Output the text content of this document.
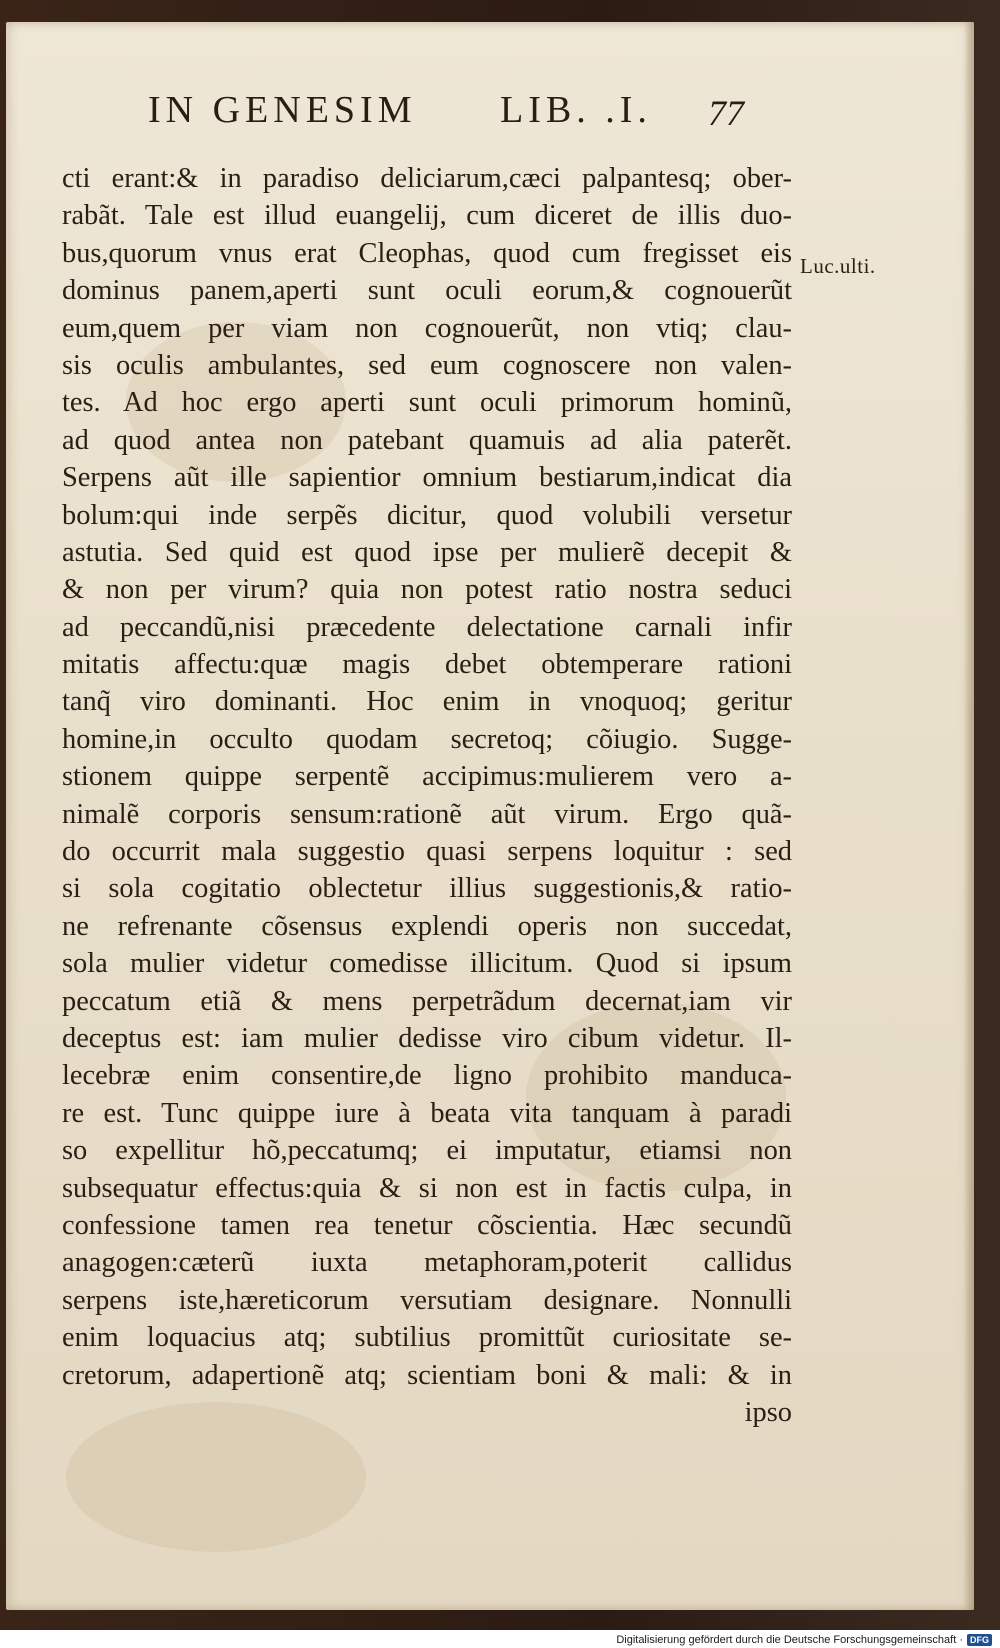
IN GENESIM LIB. .I. 77
Luc.ulti.
cti erant:& in paradiso deliciarum,cæci palpantesq; ober-
rabãt. Tale est illud euangelij, cum diceret de illis duo-
bus,quorum vnus erat Cleophas, quod cum fregisset eis
dominus panem,aperti sunt oculi eorum,& cognouerũt
eum,quem per viam non cognouerũt, non vtiq; clau-
sis oculis ambulantes, sed eum cognoscere non valen-
tes. Ad hoc ergo aperti sunt oculi primorum hominũ,
ad quod antea non patebant quamuis ad alia paterẽt.
Serpens aũt ille sapientior omnium bestiarum,indicat dia
bolum:qui inde serpẽs dicitur, quod volubili versetur
astutia. Sed quid est quod ipse per mulierẽ decepit &
& non per virum? quia non potest ratio nostra seduci
ad peccandũ,nisi præcedente delectatione carnali infir
mitatis affectu:quæ magis debet obtemperare rationi
tanq̃ viro dominanti. Hoc enim in vnoquoq; geritur
homine,in occulto quodam secretoq; cõiugio. Sugge-
stionem quippe serpentẽ accipimus:mulierem vero a-
nimalẽ corporis sensum:rationẽ aũt virum. Ergo quã-
do occurrit mala suggestio quasi serpens loquitur : sed
si sola cogitatio oblectetur illius suggestionis,& ratio-
ne refrenante cõsensus explendi operis non succedat,
sola mulier videtur comedisse illicitum. Quod si ipsum
peccatum etiã & mens perpetrãdum decernat,iam vir
deceptus est: iam mulier dedisse viro cibum videtur. Il-
lecebræ enim consentire,de ligno prohibito manduca-
re est. Tunc quippe iure à beata vita tanquam à paradi
so expellitur hõ,peccatumq; ei imputatur, etiamsi non
subsequatur effectus:quia & si non est in factis culpa, in
confessione tamen rea tenetur cõscientia. Hæc secundũ
anagogen:cæterũ iuxta metaphoram,poterit callidus
serpens iste,hæreticorum versutiam designare. Nonnulli
enim loquacius atq; subtilius promittũt curiositate se-
cretorum, adapertionẽ atq; scientiam boni & mali: & in
ipso
Digitalisierung gefördert durch die Deutsche Forschungsgemeinschaft · DFG
